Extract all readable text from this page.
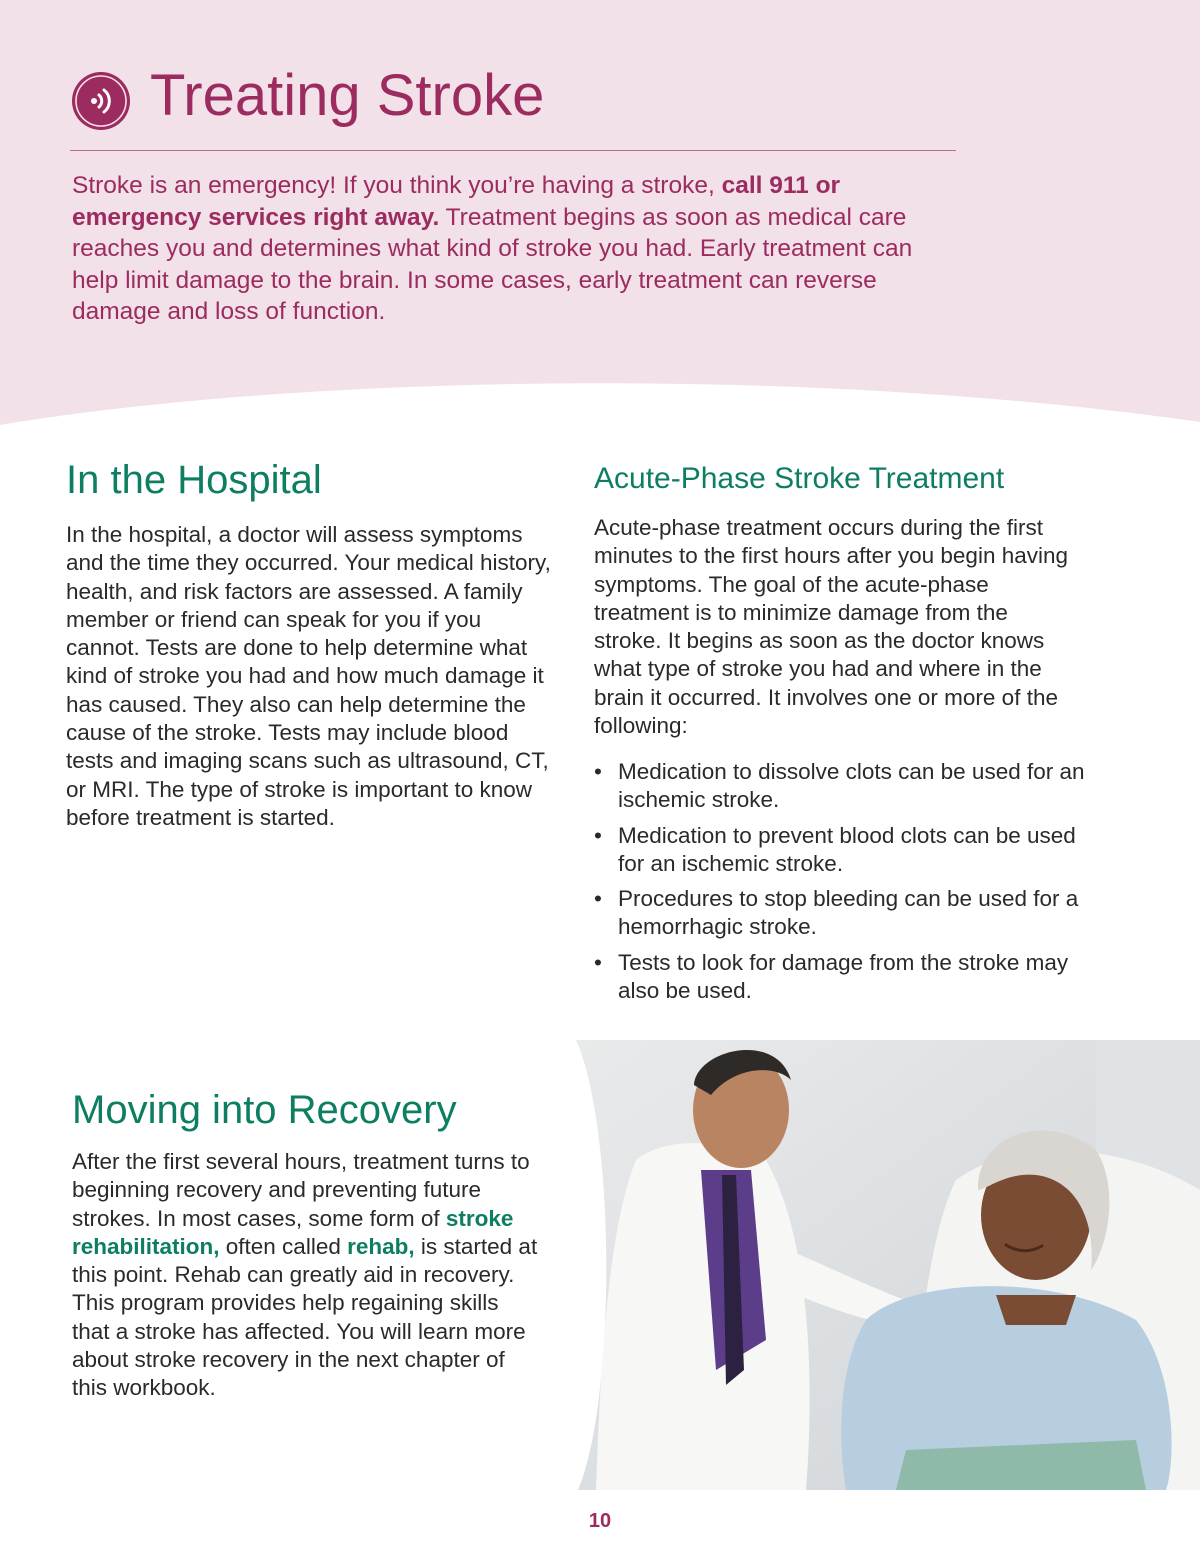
Treating Stroke

Stroke is an emergency! If you think you’re having a stroke, call 911 or emergency services right away. Treatment begins as soon as medical care reaches you and determines what kind of stroke you had. Early treatment can help limit damage to the brain. In some cases, early treatment can reverse damage and loss of function.

In the Hospital

In the hospital, a doctor will assess symptoms and the time they occurred. Your medical history, health, and risk factors are assessed. A family member or friend can speak for you if you cannot. Tests are done to help determine what kind of stroke you had and how much damage it has caused. They also can help determine the cause of the stroke. Tests may include blood tests and imaging scans such as ultrasound, CT, or MRI. The type of stroke is important to know before treatment is started.

Acute-Phase Stroke Treatment

Acute-phase treatment occurs during the first minutes to the first hours after you begin having symptoms. The goal of the acute-phase treatment is to minimize damage from the stroke. It begins as soon as the doctor knows what type of stroke you had and where in the brain it occurred. It involves one or more of the following:

• Medication to dissolve clots can be used for an ischemic stroke.
• Medication to prevent blood clots can be used for an ischemic stroke.
• Procedures to stop bleeding can be used for a hemorrhagic stroke.
• Tests to look for damage from the stroke may also be used.
Moving into Recovery

After the first several hours, treatment turns to beginning recovery and preventing future strokes. In most cases, some form of stroke rehabilitation, often called rehab, is started at this point. Rehab can greatly aid in recovery. This program provides help regaining skills that a stroke has affected. You will learn more about stroke recovery in the next chapter of this workbook.

10
